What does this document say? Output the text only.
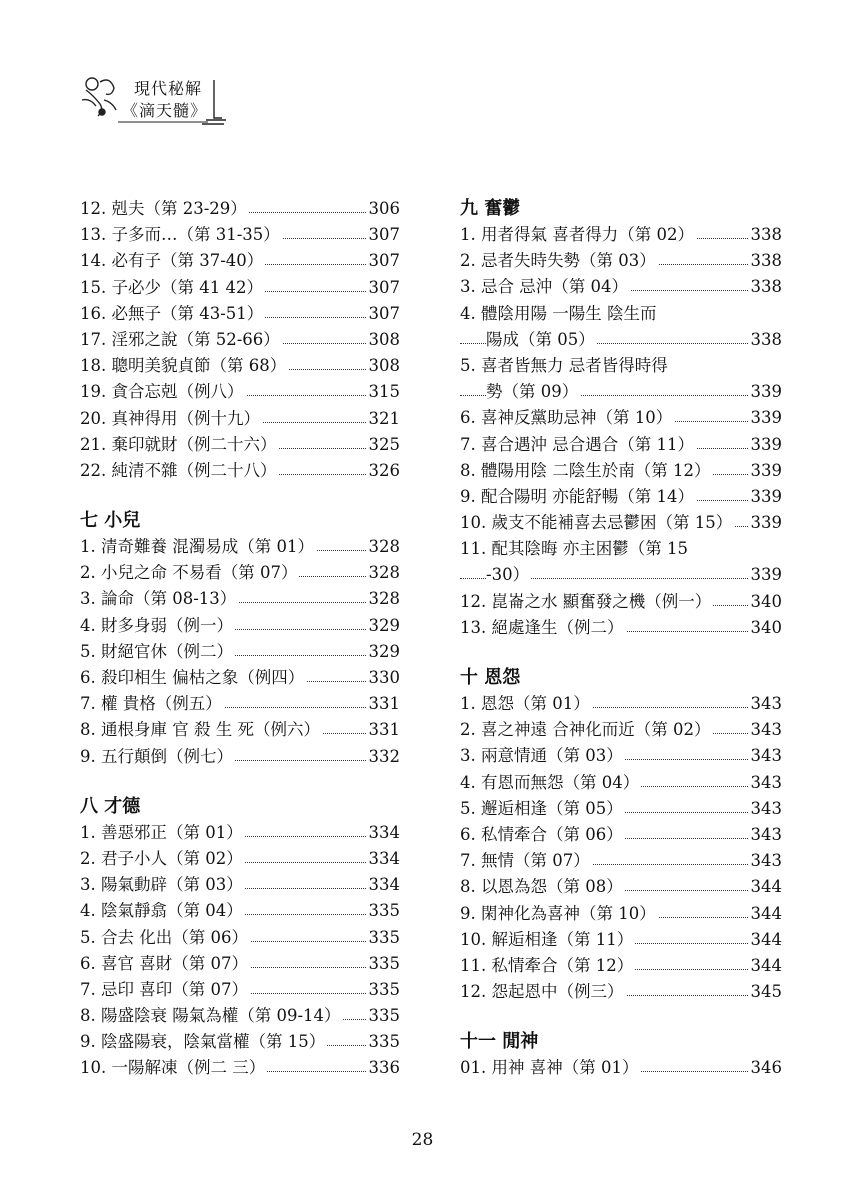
現代秘解
《滴天髓》
12. 剋夫（第 23-29）	306
13. 子多而…（第 31-35）	307
14. 必有子（第 37-40）	307
15. 子必少（第 41 42）	307
16. 必無子（第 43-51）	307
17. 淫邪之說（第 52-66）	308
18. 聰明美貌貞節（第 68）	308
19. 貪合忘剋（例八）	315
20. 真神得用（例十九）	321
21. 棄印就財（例二十六）	325
22. 純清不雜（例二十八）	326
七 小兒
1. 清奇難養 混濁易成（第 01）	328
2. 小兒之命 不易看（第 07）	328
3. 論命（第 08-13）	328
4. 財多身弱（例一）	329
5. 財絕官休（例二）	329
6. 殺印相生 偏枯之象（例四）	330
7. 權 貴格（例五）	331
8. 通根身庫 官 殺 生 死（例六）	331
9. 五行顛倒（例七）	332
八 才德
1. 善惡邪正（第 01）	334
2. 君子小人（第 02）	334
3. 陽氣動辟（第 03）	334
4. 陰氣靜翕（第 04）	335
5. 合去 化出（第 06）	335
6. 喜官 喜財（第 07）	335
7. 忌印 喜印（第 07）	335
8. 陽盛陰衰 陽氣為權（第 09-14） 335
9. 陰盛陽衰，陰氣當權（第 15）	335
10. 一陽解凍（例二 三）	336
九 奮鬱
1. 用者得氣 喜者得力（第 02）	338
2. 忌者失時失勢（第 03）	338
3. 忌合 忌沖（第 04）	338
4. 體陰用陽 一陽生 陰生而
陽成（第 05）	338
5. 喜者皆無力 忌者皆得時得
勢（第 09）	339
6. 喜神反黨助忌神（第 10）	339
7. 喜合遇沖 忌合遇合（第 11）	339
8. 體陽用陰 二陰生於南（第 12） 339
9. 配合陽明 亦能舒暢（第 14）	339
10. 歲支不能補喜去忌鬱困（第 15） 339
11. 配其陰晦 亦主困鬱（第 15
-30）	339
12. 崑崙之水 顯奮發之機（例一） 340
13. 絕處逢生（例二）	340
十 恩怨
1. 恩怨（第 01）	343
2. 喜之神遠 合神化而近（第 02） 343
3. 兩意情通（第 03）	343
4. 有恩而無怨（第 04）	343
5. 邂逅相逢（第 05）	343
6. 私情牽合（第 06）	343
7. 無情（第 07）	343
8. 以恩為怨（第 08）	344
9. 閑神化為喜神（第 10）	344
10. 解逅相逢（第 11）	344
11. 私情牽合（第 12）	344
12. 怨起恩中（例三）	345
十一 閒神
01. 用神 喜神（第 01）	346
28
